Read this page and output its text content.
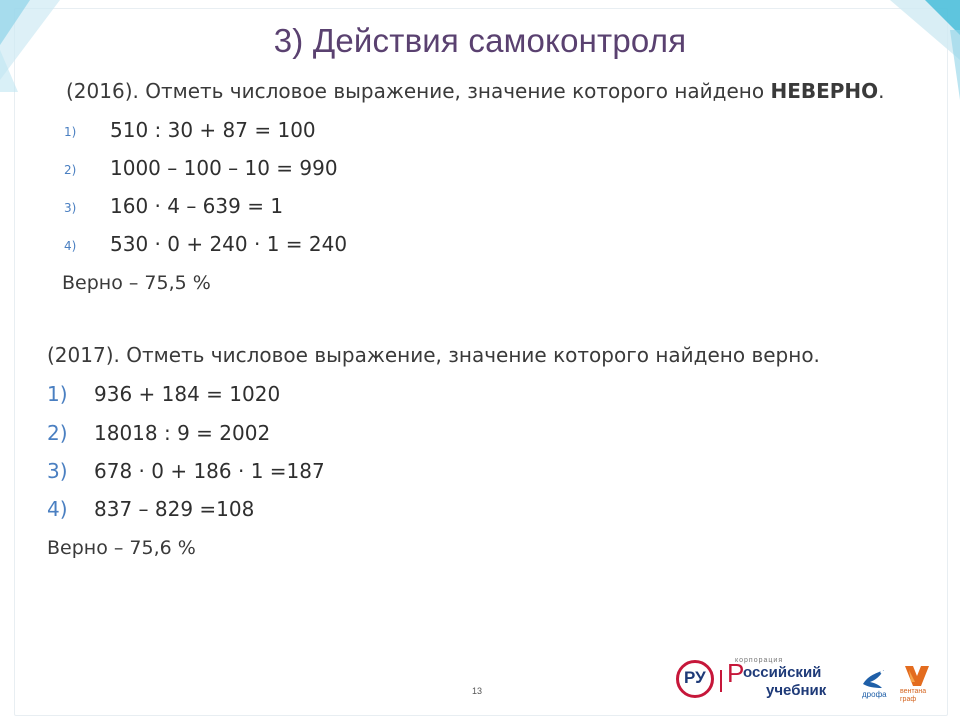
3) Действия самоконтроля
(2016). Отметь числовое выражение, значение которого найдено НЕВЕРНО.
1) 510 : 30 + 87 = 100
2) 1000 – 100 – 10 = 990
3) 160 · 4 – 639 = 1
4) 530 · 0 + 240 · 1 = 240
Верно – 75,5 %
(2017). Отметь числовое выражение, значение которого найдено верно.
1) 936 + 184 = 1020
2) 18018 : 9 = 2002
3) 678 · 0 + 186 · 1 =187
4) 837 – 829 =108
Верно – 75,6 %
13
РУ
корпорация
Р
оссийский
учебник	дрофа вентана граф
